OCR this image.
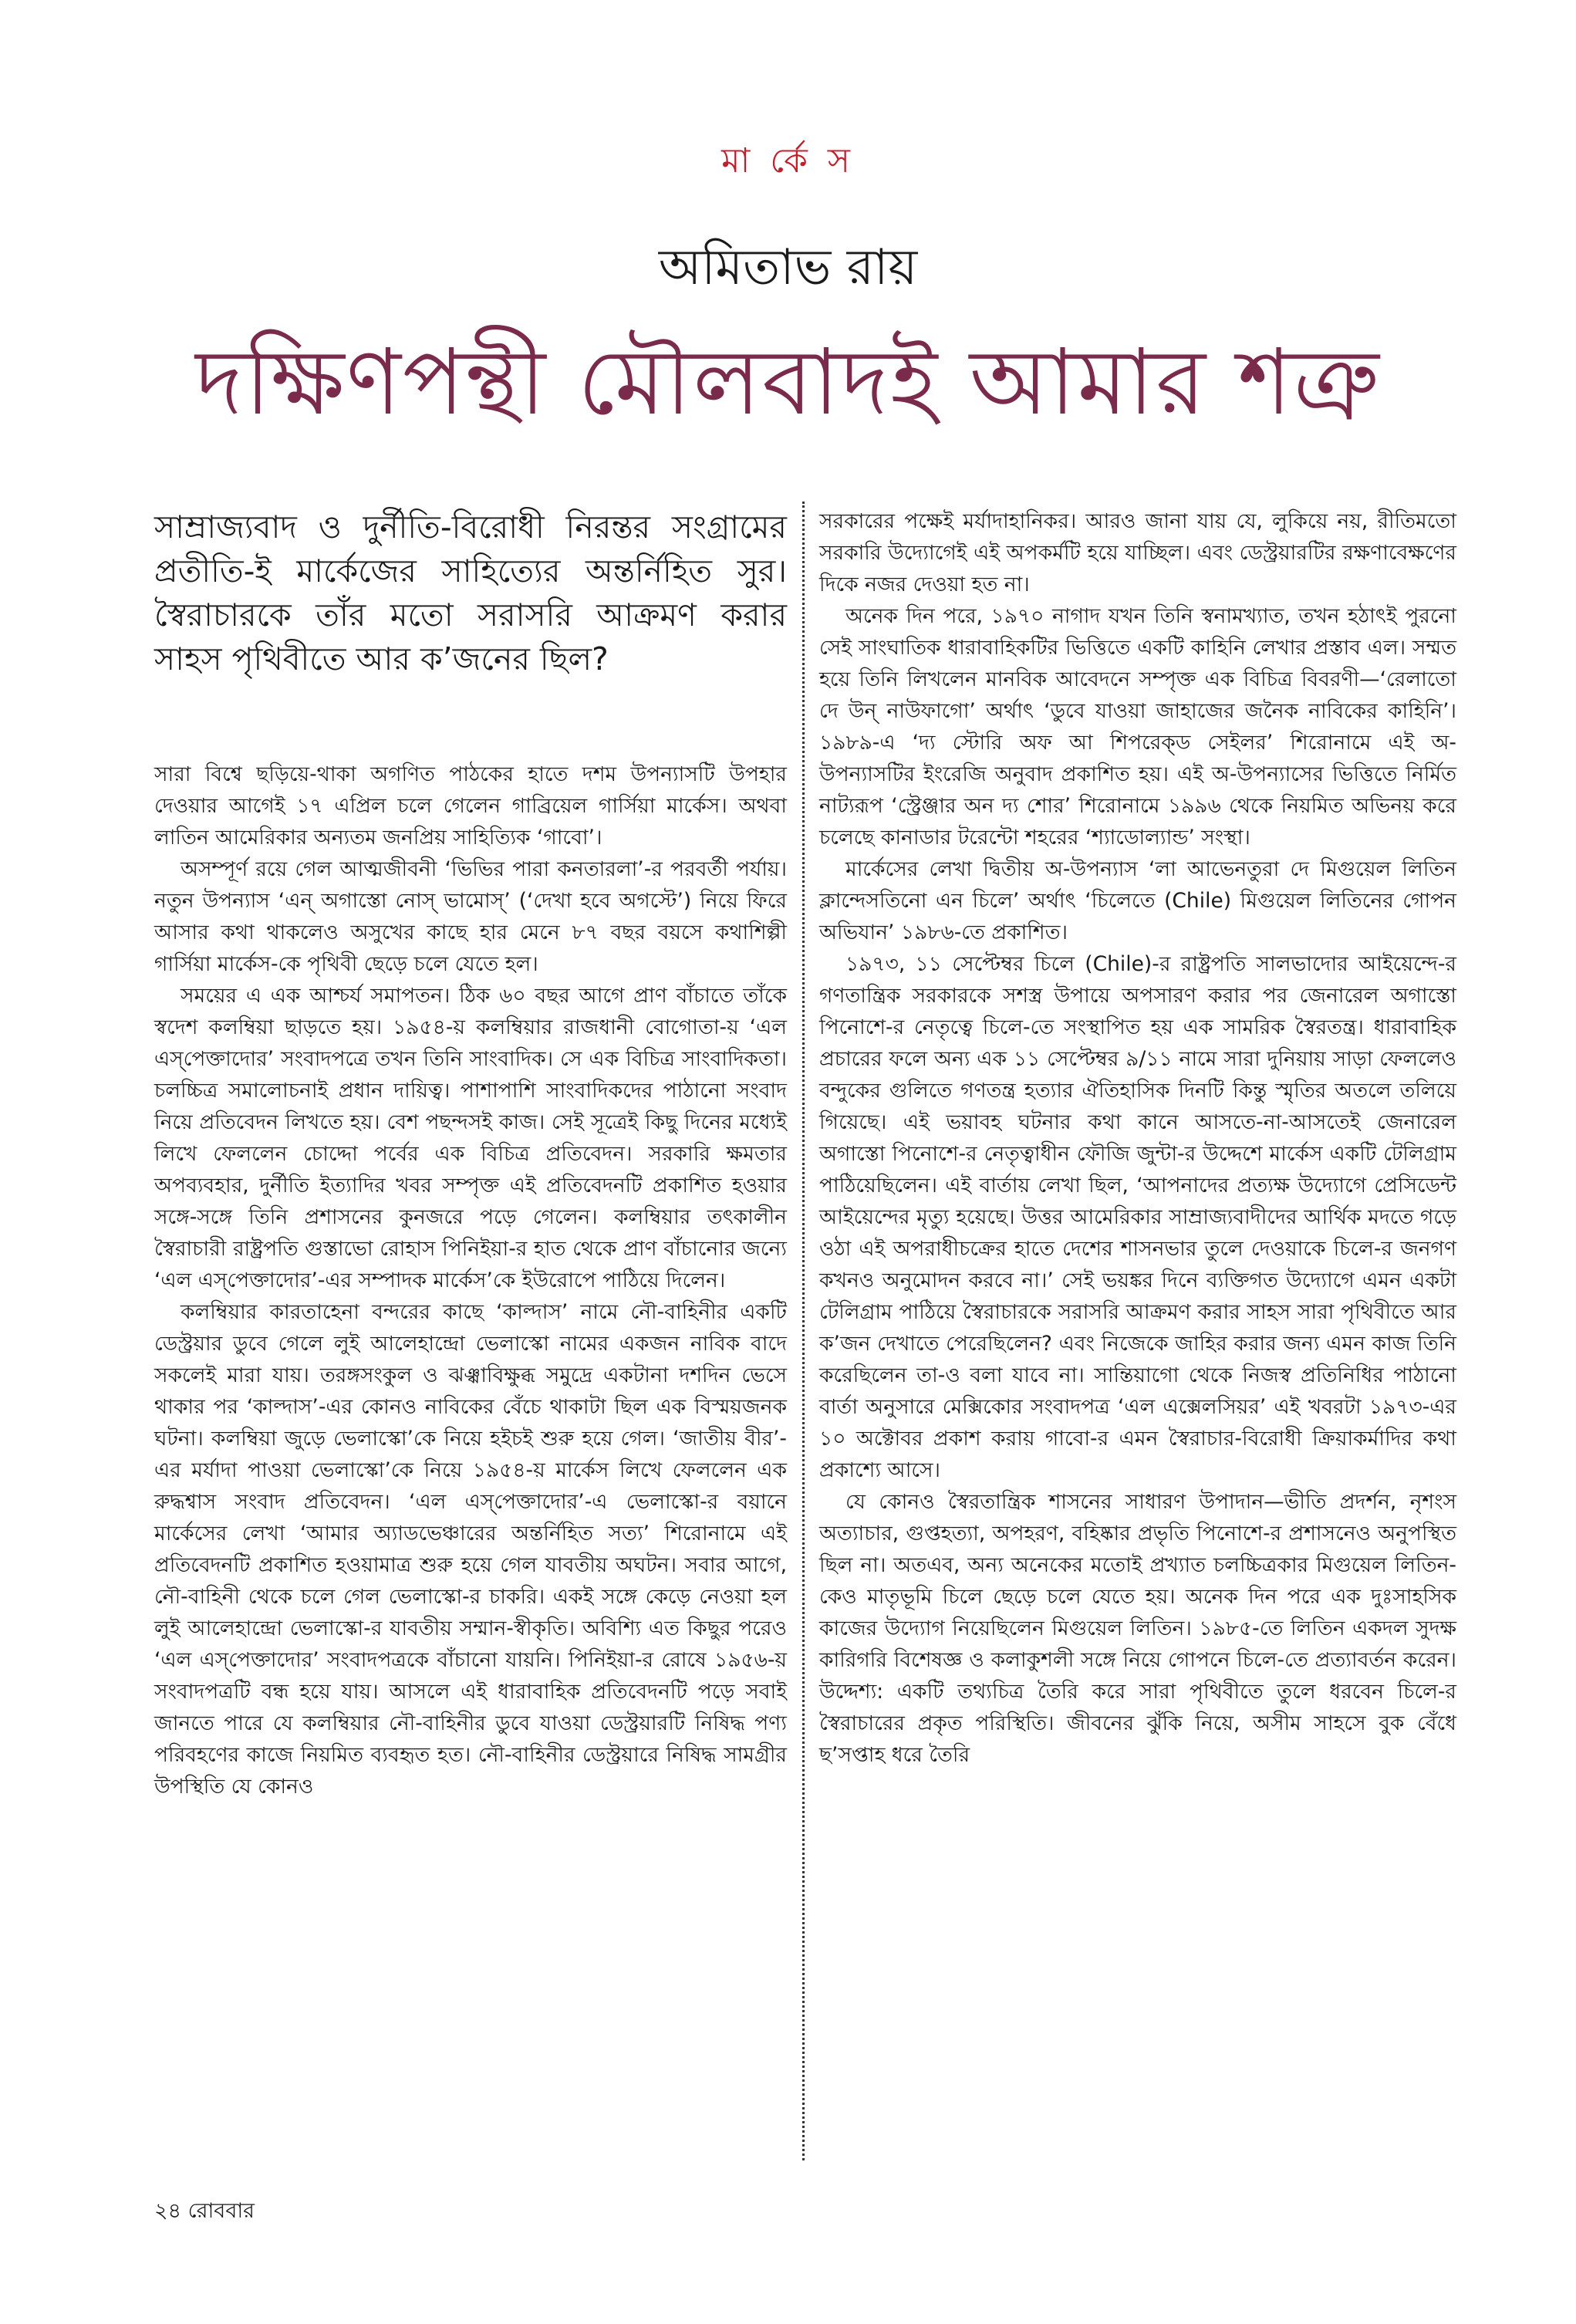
মা র্কে স
অমিতাভ রায়
দক্ষিণপন্থী মৌলবাদই আমার শত্রু

সাম্রাজ্যবাদ ও দুর্নীতি-বিরোধী নিরন্তর সংগ্রামের প্রতীতি-ই মার্কেজের সাহিত্যের অন্তর্নিহিত সুর। স্বৈরাচারকে তাঁর মতো সরাসরি আক্রমণ করার সাহস পৃথিবীতে আর ক’জনের ছিল?

সারা বিশ্বে ছড়িয়ে-থাকা অগণিত পাঠকের হাতে দশম উপন্যাসটি উপহার দেওয়ার আগেই ১৭ এপ্রিল চলে গেলেন গাব্রিয়েল গার্সিয়া মার্কেস। অথবা লাতিন আমেরিকার অন্যতম জনপ্রিয় সাহিত্যিক ‘গাবো’।

অসম্পূর্ণ রয়ে গেল আত্মজীবনী ‘ভিভির পারা কনতারলা’-র পরবর্তী পর্যায়। নতুন উপন্যাস ‘এন্ অগাস্তো নোস্ ভামোস্’ (‘দেখা হবে অগস্টে’) নিয়ে ফিরে আসার কথা থাকলেও অসুখের কাছে হার মেনে ৮৭ বছর বয়সে কথাশিল্পী গার্সিয়া মার্কেস-কে পৃথিবী ছেড়ে চলে যেতে হল।

সময়ের এ এক আশ্চর্য সমাপতন। ঠিক ৬০ বছর আগে প্রাণ বাঁচাতে তাঁকে স্বদেশ কলম্বিয়া ছাড়তে হয়। ১৯৫৪-য় কলম্বিয়ার রাজধানী বোগোতা-য় ‘এল এস্‌পেক্তাদোর’ সংবাদপত্রে তখন তিনি সাংবাদিক। সে এক বিচিত্র সাংবাদিকতা। চলচ্চিত্র সমালোচনাই প্রধান দায়িত্ব। পাশাপাশি সাংবাদিকদের পাঠানো সংবাদ নিয়ে প্রতিবেদন লিখতে হয়। বেশ পছন্দসই কাজ। সেই সূত্রেই কিছু দিনের মধ্যেই লিখে ফেললেন চোদ্দো পর্বের এক বিচিত্র প্রতিবেদন। সরকারি ক্ষমতার অপব্যবহার, দুর্নীতি ইত্যাদির খবর সম্পৃক্ত এই প্রতিবেদনটি প্রকাশিত হওয়ার সঙ্গে-সঙ্গে তিনি প্রশাসনের কুনজরে পড়ে গেলেন। কলম্বিয়ার তৎকালীন স্বৈরাচারী রাষ্ট্রপতি গুস্তাভো রোহাস পিনিইয়া-র হাত থেকে প্রাণ বাঁচানোর জন্যে ‘এল এস্‌পেক্তাদোর’-এর সম্পাদক মার্কেস’কে ইউরোপে পাঠিয়ে দিলেন।

কলম্বিয়ার কারতাহেনা বন্দরের কাছে ‘কাল্দাস’ নামে নৌ-বাহিনীর একটি ডেস্ট্রয়ার ডুবে গেলে লুই আলেহান্দ্রো ভেলাস্কো নামের একজন নাবিক বাদে সকলেই মারা যায়। তরঙ্গসংকুল ও ঝঞ্ঝাবিক্ষুব্ধ সমুদ্রে একটানা দশদিন ভেসে থাকার পর ‘কাল্দাস’-এর কোনও নাবিকের বেঁচে থাকাটা ছিল এক বিস্ময়জনক ঘটনা। কলম্বিয়া জুড়ে ভেলাস্কো’কে নিয়ে হইচই শুরু হয়ে গেল। ‘জাতীয় বীর’-এর মর্যাদা পাওয়া ভেলাস্কো’কে নিয়ে ১৯৫৪-য় মার্কেস লিখে ফেললেন এক রুদ্ধশ্বাস সংবাদ প্রতিবেদন। ‘এল এস্‌পেক্তাদোর’-এ ভেলাস্কো-র বয়ানে মার্কেসের লেখা ‘আমার অ্যাডভেঞ্চারের অন্তর্নিহিত সত্য’ শিরোনামে এই প্রতিবেদনটি প্রকাশিত হওয়ামাত্র শুরু হয়ে গেল যাবতীয় অঘটন। সবার আগে, নৌ-বাহিনী থেকে চলে গেল ভেলাস্কো-র চাকরি। একই সঙ্গে কেড়ে নেওয়া হল লুই আলেহান্দ্রো ভেলাস্কো-র যাবতীয় সম্মান-স্বীকৃতি। অবিশ্যি এত কিছুর পরেও ‘এল এস্‌পেক্তাদোর’ সংবাদপত্রকে বাঁচানো যায়নি। পিনিইয়া-র রোষে ১৯৫৬-য় সংবাদপত্রটি বন্ধ হয়ে যায়। আসলে এই ধারাবাহিক প্রতিবেদনটি পড়ে সবাই জানতে পারে যে কলম্বিয়ার নৌ-বাহিনীর ডুবে যাওয়া ডেস্ট্রয়ারটি নিষিদ্ধ পণ্য পরিবহণের কাজে নিয়মিত ব্যবহৃত হত। নৌ-বাহিনীর ডেস্ট্রয়ারে নিষিদ্ধ সামগ্রীর উপস্থিতি যে কোনও

সরকারের পক্ষেই মর্যাদাহানিকর। আরও জানা যায় যে, লুকিয়ে নয়, রীতিমতো সরকারি উদ্যোগেই এই অপকর্মটি হয়ে যাচ্ছিল। এবং ডেস্ট্রয়ারটির রক্ষণাবেক্ষণের দিকে নজর দেওয়া হত না।

অনেক দিন পরে, ১৯৭০ নাগাদ যখন তিনি স্বনামখ্যাত, তখন হঠাৎই পুরনো সেই সাংঘাতিক ধারাবাহিকটির ভিত্তিতে একটি কাহিনি লেখার প্রস্তাব এল। সম্মত হয়ে তিনি লিখলেন মানবিক আবেদনে সম্পৃক্ত এক বিচিত্র বিবরণী—‘রেলাতো দে উন্ নাউফাগো’ অর্থাৎ ‘ডুবে যাওয়া জাহাজের জনৈক নাবিকের কাহিনি’। ১৯৮৯-এ ‘দ্য স্টোরি অফ আ শিপরেক্‌ড সেইলর’ শিরোনামে এই অ-উপন্যাসটির ইংরেজি অনুবাদ প্রকাশিত হয়। এই অ-উপন্যাসের ভিত্তিতে নির্মিত নাট্যরূপ ‘স্ট্রেঞ্জার অন দ্য শোর’ শিরোনামে ১৯৯৬ থেকে নিয়মিত অভিনয় করে চলেছে কানাডার টরেন্টো শহরের ‘শ্যাডোল্যান্ড’ সংস্থা।

মার্কেসের লেখা দ্বিতীয় অ-উপন্যাস ‘লা আভেনতুরা দে মিগুয়েল লিতিন ক্লান্দেসতিনো এন চিলে’ অর্থাৎ ‘চিলেতে (Chile) মিগুয়েল লিতিনের গোপন অভিযান’ ১৯৮৬-তে প্রকাশিত।

১৯৭৩, ১১ সেপ্টেম্বর চিলে (Chile)-র রাষ্ট্রপতি সালভাদোর আইয়েন্দে-র গণতান্ত্রিক সরকারকে সশস্ত্র উপায়ে অপসারণ করার পর জেনারেল অগাস্তো পিনোশে-র নেতৃত্বে চিলে-তে সংস্থাপিত হয় এক সামরিক স্বৈরতন্ত্র। ধারাবাহিক প্রচারের ফলে অন্য এক ১১ সেপ্টেম্বর ৯/১১ নামে সারা দুনিয়ায় সাড়া ফেললেও বন্দুকের গুলিতে গণতন্ত্র হত্যার ঐতিহাসিক দিনটি কিন্তু স্মৃতির অতলে তলিয়ে গিয়েছে। এই ভয়াবহ ঘটনার কথা কানে আসতে-না-আসতেই জেনারেল অগাস্তো পিনোশে-র নেতৃত্বাধীন ফৌজি জুন্টা-র উদ্দেশে মার্কেস একটি টেলিগ্রাম পাঠিয়েছিলেন। এই বার্তায় লেখা ছিল, ‘আপনাদের প্রত্যক্ষ উদ্যোগে প্রেসিডেন্ট আইয়েন্দের মৃত্যু হয়েছে। উত্তর আমেরিকার সাম্রাজ্যবাদীদের আর্থিক মদতে গড়ে ওঠা এই অপরাধীচক্রের হাতে দেশের শাসনভার তুলে দেওয়াকে চিলে-র জনগণ কখনও অনুমোদন করবে না।’ সেই ভয়ঙ্কর দিনে ব্যক্তিগত উদ্যোগে এমন একটা টেলিগ্রাম পাঠিয়ে স্বৈরাচারকে সরাসরি আক্রমণ করার সাহস সারা পৃথিবীতে আর ক’জন দেখাতে পেরেছিলেন? এবং নিজেকে জাহির করার জন্য এমন কাজ তিনি করেছিলেন তা-ও বলা যাবে না। সান্তিয়াগো থেকে নিজস্ব প্রতিনিধির পাঠানো বার্তা অনুসারে মেক্সিকোর সংবাদপত্র ‘এল এক্সেলসিয়র’ এই খবরটা ১৯৭৩-এর ১০ অক্টোবর প্রকাশ করায় গাবো-র এমন স্বৈরাচার-বিরোধী ক্রিয়াকর্মাদির কথা প্রকাশ্যে আসে।

যে কোনও স্বৈরতান্ত্রিক শাসনের সাধারণ উপাদান—ভীতি প্রদর্শন, নৃশংস অত্যাচার, গুপ্তহত্যা, অপহরণ, বহিষ্কার প্রভৃতি পিনোশে-র প্রশাসনেও অনুপস্থিত ছিল না। অতএব, অন্য অনেকের মতোই প্রখ্যাত চলচ্চিত্রকার মিগুয়েল লিতিন-কেও মাতৃভূমি চিলে ছেড়ে চলে যেতে হয়। অনেক দিন পরে এক দুঃসাহসিক কাজের উদ্যোগ নিয়েছিলেন মিগুয়েল লিতিন। ১৯৮৫-তে লিতিন একদল সুদক্ষ কারিগরি বিশেষজ্ঞ ও কলাকুশলী সঙ্গে নিয়ে গোপনে চিলে-তে প্রত্যাবর্তন করেন। উদ্দেশ্য: একটি তথ্যচিত্র তৈরি করে সারা পৃথিবীতে তুলে ধরবেন চিলে-র স্বৈরাচারের প্রকৃত পরিস্থিতি। জীবনের ঝুঁকি নিয়ে, অসীম সাহসে বুক বেঁধে ছ’সপ্তাহ ধরে তৈরি

২৪ রোববার
